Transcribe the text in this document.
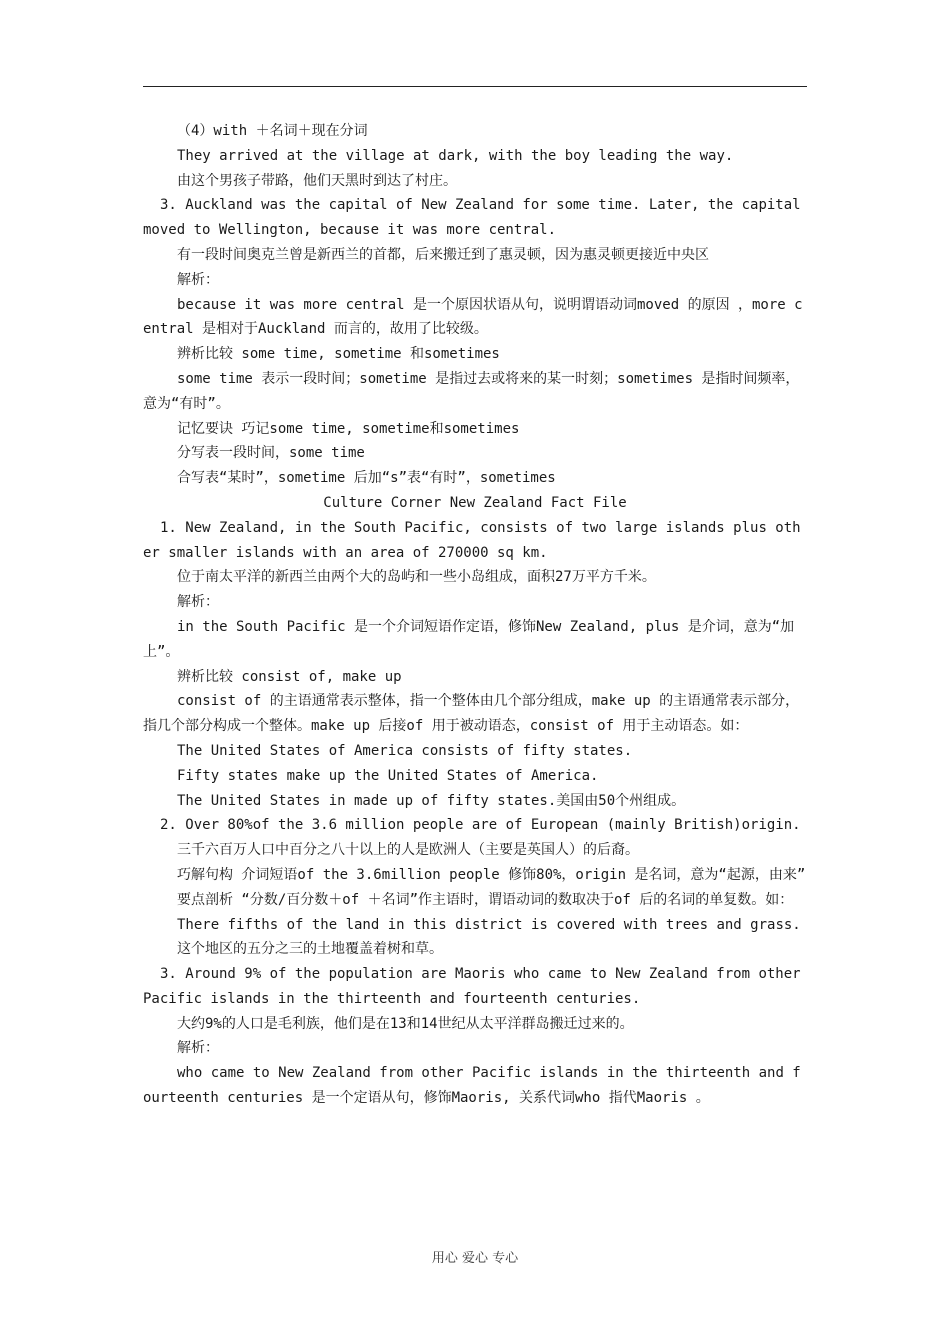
（4）with ＋名词＋现在分词

They arrived at the village at dark, with the boy leading the way.

由这个男孩子带路，他们天黑时到达了村庄。

3. Auckland was the capital of New Zealand for some time. Later, the capital moved to Wellington, because it was more central.

有一段时间奥克兰曾是新西兰的首都，后来搬迁到了惠灵顿，因为惠灵顿更接近中央区

解析：

because it was more central 是一个原因状语从句，说明谓语动词moved 的原因 ，more central 是相对于Auckland 而言的，故用了比较级。

辨析比较 some time, sometime 和sometimes

some time 表示一段时间；sometime 是指过去或将来的某一时刻；sometimes 是指时间频率，意为“有时”。

记忆要诀 巧记some time, sometime和sometimes

分写表一段时间，some time

合写表“某时”，sometime 后加“s”表“有时”，sometimes

Culture Corner New Zealand Fact File

1. New Zealand, in the South Pacific, consists of two large islands plus other smaller islands with an area of 270000 sq km.

位于南太平洋的新西兰由两个大的岛屿和一些小岛组成，面积27万平方千米。

解析：

in the South Pacific 是一个介词短语作定语，修饰New Zealand, plus 是介词，意为“加上”。

辨析比较 consist of, make up

consist of 的主语通常表示整体，指一个整体由几个部分组成，make up 的主语通常表示部分，指几个部分构成一个整体。make up 后接of 用于被动语态，consist of 用于主动语态。如：

The United States of America consists of fifty states.

Fifty states make up the United States of America.

The United States in made up of fifty states.美国由50个州组成。

2. Over 80%of the 3.6 million people are of European (mainly British)origin.

三千六百万人口中百分之八十以上的人是欧洲人（主要是英国人）的后裔。

巧解句构 介词短语of the 3.6million people 修饰80%，origin 是名词，意为“起源，由来”

要点剖析 “分数/百分数＋of ＋名词”作主语时，谓语动词的数取决于of 后的名词的单复数。如：

There fifths of the land in this district is covered with trees and grass.

这个地区的五分之三的土地覆盖着树和草。

3. Around 9% of the population are Maoris who came to New Zealand from other Pacific islands in the thirteenth and fourteenth centuries.

大约9%的人口是毛利族，他们是在13和14世纪从太平洋群岛搬迁过来的。

解析：

who came to New Zealand from other Pacific islands in the thirteenth and fourteenth centuries 是一个定语从句，修饰Maoris, 关系代词who 指代Maoris 。

用心 爱心 专心
